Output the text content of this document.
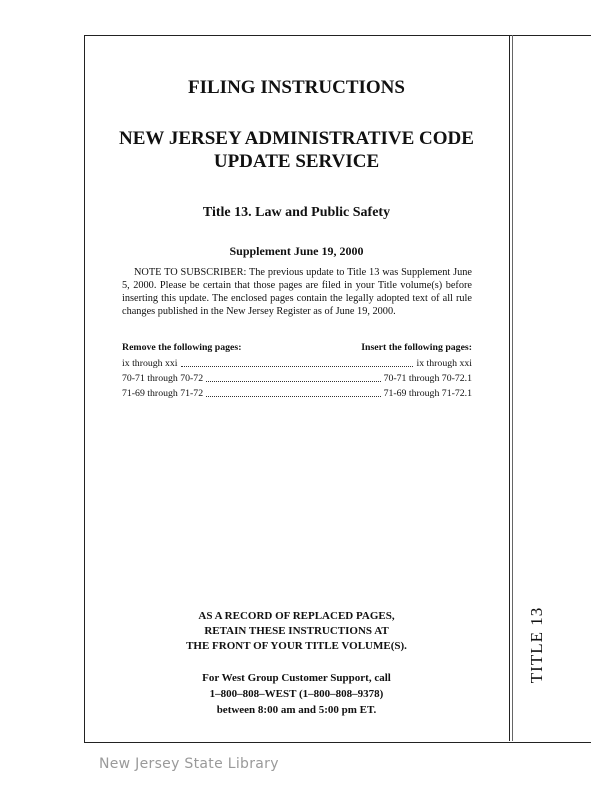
TITLE 13
FILING INSTRUCTIONS
NEW JERSEY ADMINISTRATIVE CODE
UPDATE SERVICE
Title 13. Law and Public Safety
Supplement June 19, 2000
NOTE TO SUBSCRIBER: The previous update to Title 13 was Supplement June 5, 2000. Please be certain that those pages are filed in your Title volume(s) before inserting this update. The enclosed pages contain the legally adopted text of all rule changes published in the New Jersey Register as of June 19, 2000.
Remove the following pages:	Insert the following pages:
ix through xxi	ix through xxi
70-71 through 70-72	70-71 through 70-72.1
71-69 through 71-72	71-69 through 71-72.1
AS A RECORD OF REPLACED PAGES,
RETAIN THESE INSTRUCTIONS AT
THE FRONT OF YOUR TITLE VOLUME(S).
For West Group Customer Support, call
1–800–808–WEST (1–800–808–9378)
between 8:00 am and 5:00 pm ET.
New Jersey State Library
